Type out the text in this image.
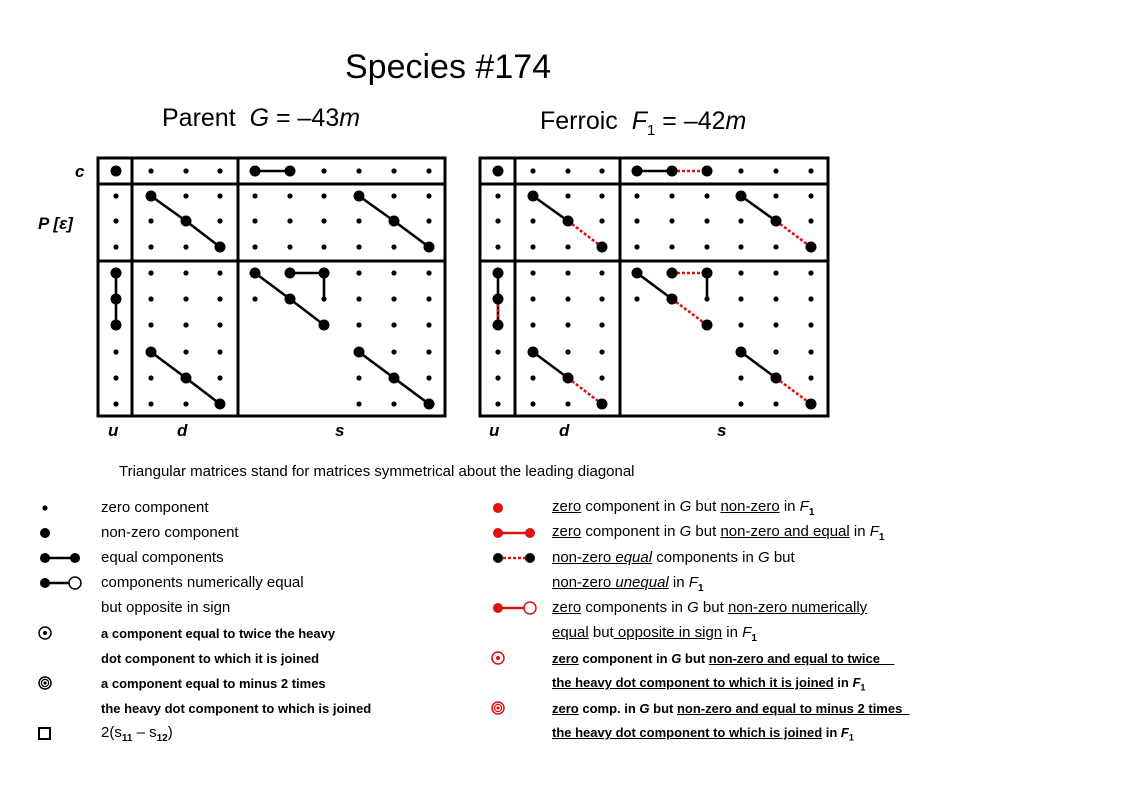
Species #174
Parent G = –43m	Ferroic $F_1 = -42m$
c
P [ε]
u	d	s	u	d	s
Triangular matrices stand for matrices symmetrical about the leading diagonal
zero component
non-zero component
equal components
components numerically equal
but opposite in sign
a component equal to twice the heavy
dot component to which it is joined
a component equal to minus 2 times
the heavy dot component to which is joined
$2(s_{11} - s_{12})$
zero component in G but non-zero in $F_1$
zero component in G but non-zero and equal in $F_1$
non-zero equal components in G but
non-zero unequal in $F_1$
zero components in G but non-zero numerically
equal but opposite in sign in $F_1$
zero component in G but non-zero and equal to twice
the heavy dot component to which it is joined in $F_1$
zero comp. in G but non-zero and equal to minus 2 times
the heavy dot component to which is joined in $F_1$
